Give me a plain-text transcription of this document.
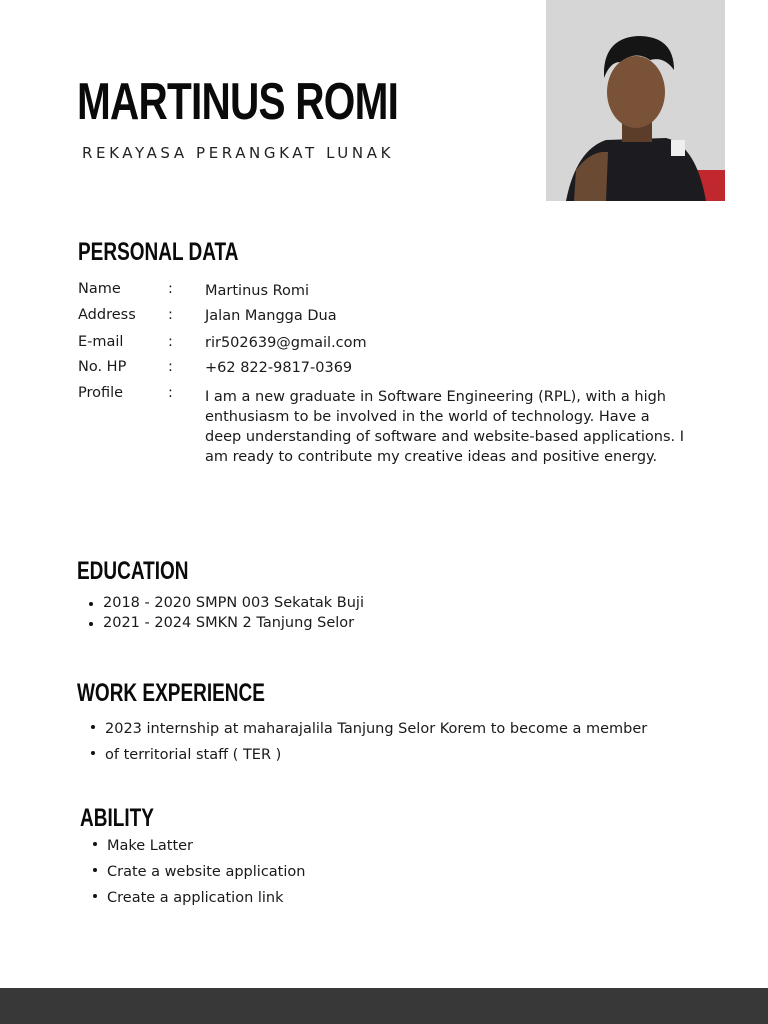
MARTINUS ROMI
REKAYASA PERANGKAT LUNAK
PERSONAL DATA
Name	: Martinus Romi
Address : Jalan Mangga Dua
E-mail	: rir502639@gmail.com
No. HP	: +62 822-9817-0369
Profile	: I am a new graduate in Software Engineering (RPL), with a high enthusiasm to be involved in the world of technology. Have a deep understanding of software and website-based applications. I am ready to contribute my creative ideas and positive energy.
EDUCATION
2018 - 2020 SMPN 003 Sekatak Buji
2021 - 2024 SMKN 2 Tanjung Selor
WORK EXPERIENCE
2023 internship at maharajalila Tanjung Selor Korem to become a member
of territorial staff ( TER )
ABILITY
Make Latter
Crate a website application
Create a application link
